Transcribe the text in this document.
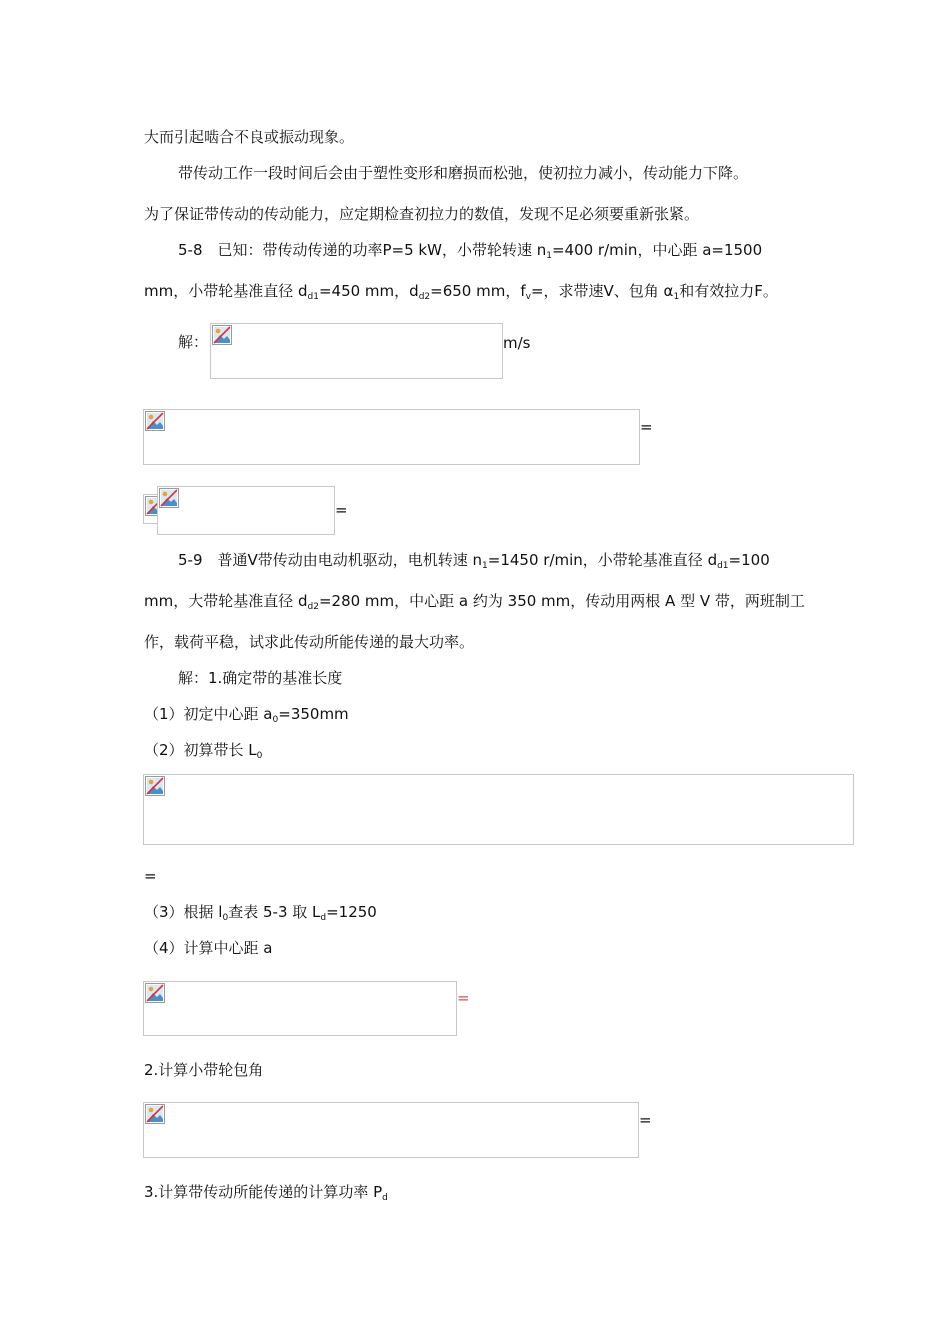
大而引起啮合不良或振动现象。
带传动工作一段时间后会由于塑性变形和磨损而松弛，使初拉力减小，传动能力下降。
为了保证带传动的传动能力，应定期检查初拉力的数值，发现不足必须要重新张紧。
5-8　已知：带传动传递的功率P=5 kW，小带轮转速 $n_1=400$ r/min，中心距 a=1500
mm，小带轮基准直径 $d_{d1}=450$ mm，$d_{d2}=650$ mm，$f_v=$，求带速V、包角 $\alpha_1$和有效拉力F。
解：	m/s
=
=
5-9　普通V带传动由电动机驱动，电机转速 $n_1=1450$ r/min，小带轮基准直径 $d_{d1}=100$
mm，大带轮基准直径 $d_{d2}=280$ mm，中心距 a 约为 350 mm，传动用两根 A 型 V 带，两班制工
作，载荷平稳，试求此传动所能传递的最大功率。
解：1.确定带的基准长度
（1）初定中心距 $a_0=350mm$
（2）初算带长 $L_0$
=
（3）根据 $l_0$查表 5-3 取 $L_d=1250$
（4）计算中心距 a
=
2.计算小带轮包角
=
3.计算带传动所能传递的计算功率 $P_d$
